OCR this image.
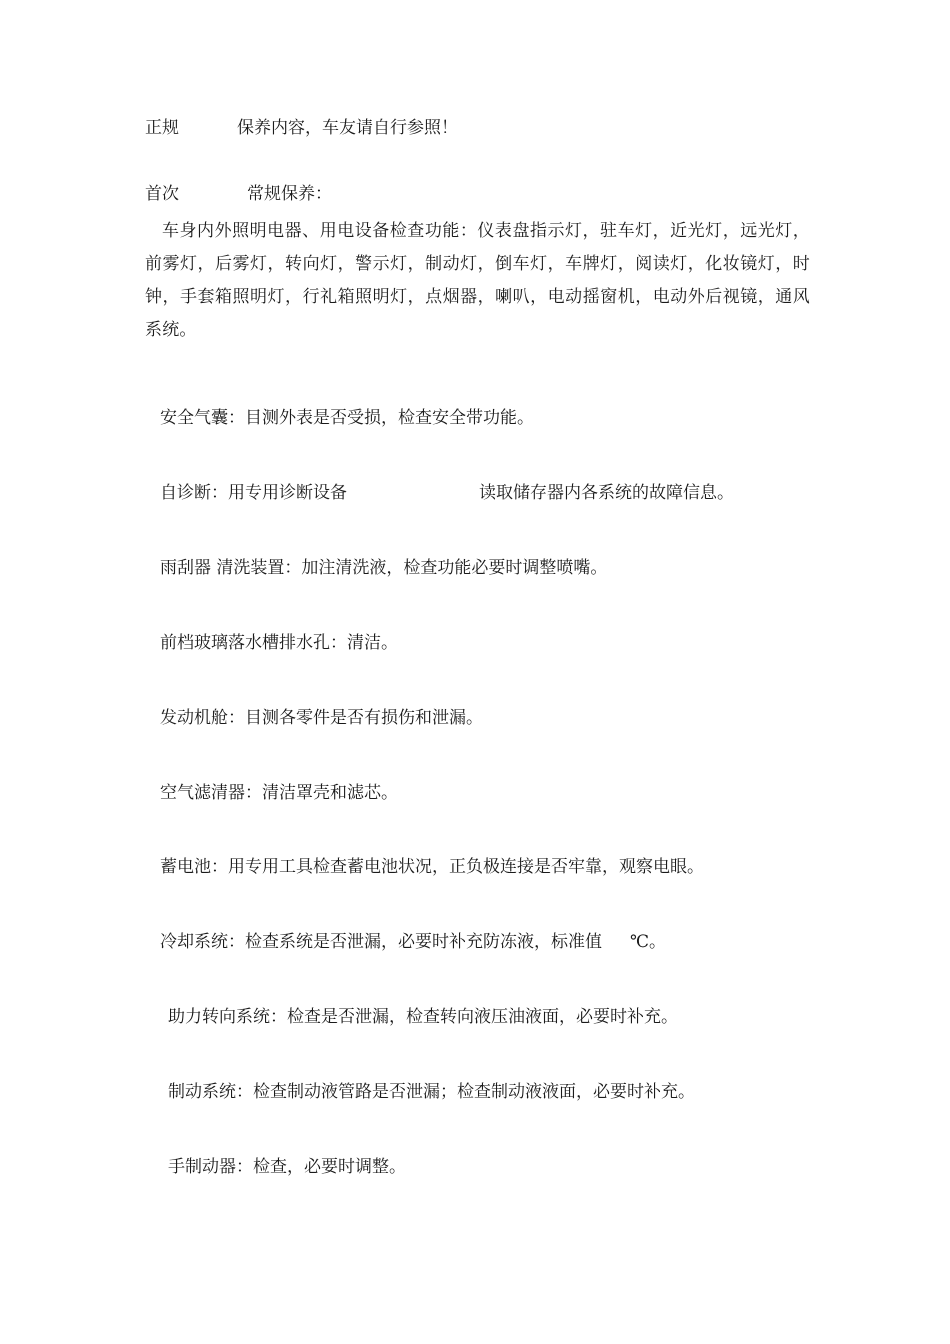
正规	保养内容，车友请自行参照！
首次	常规保养：
车身内外照明电器、用电设备检查功能：仪表盘指示灯，驻车灯，近光灯，远光灯，前雾灯，后雾灯，转向灯，警示灯，制动灯，倒车灯，车牌灯，阅读灯，化妆镜灯，时钟，手套箱照明灯，行礼箱照明灯，点烟器，喇叭，电动摇窗机，电动外后视镜，通风系统。
安全气囊：目测外表是否受损，检查安全带功能。
自诊断：用专用诊断设备	读取储存器内各系统的故障信息。
雨刮器 清洗装置：加注清洗液，检查功能必要时调整喷嘴。
前档玻璃落水槽排水孔：清洁。
发动机舱：目测各零件是否有损伤和泄漏。
空气滤清器：清洁罩壳和滤芯。
蓄电池：用专用工具检查蓄电池状况，正负极连接是否牢靠，观察电眼。
冷却系统：检查系统是否泄漏，必要时补充防冻液，标准值 ℃。
助力转向系统：检查是否泄漏，检查转向液压油液面，必要时补充。
制动系统：检查制动液管路是否泄漏；检查制动液液面，必要时补充。
手制动器：检查，必要时调整。
